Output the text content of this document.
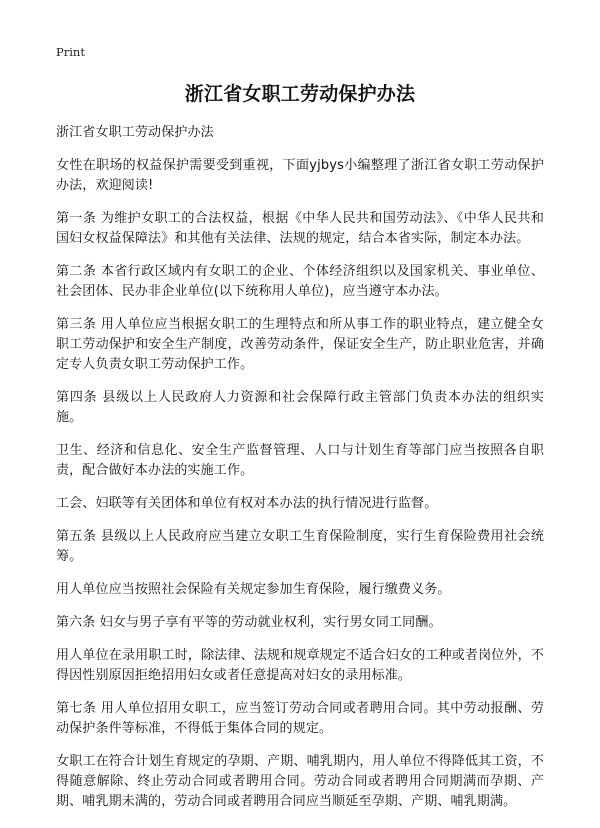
Print

浙江省女职工劳动保护办法

浙江省女职工劳动保护办法

女性在职场的权益保护需要受到重视，下面yjbys小编整理了浙江省女职工劳动保护办法，欢迎阅读!

第一条 为维护女职工的合法权益，根据《中华人民共和国劳动法》、《中华人民共和国妇女权益保障法》和其他有关法律、法规的规定，结合本省实际，制定本办法。

第二条 本省行政区域内有女职工的企业、个体经济组织以及国家机关、事业单位、社会团体、民办非企业单位(以下统称用人单位)，应当遵守本办法。

第三条 用人单位应当根据女职工的生理特点和所从事工作的职业特点，建立健全女职工劳动保护和安全生产制度，改善劳动条件，保证安全生产，防止职业危害，并确定专人负责女职工劳动保护工作。

第四条 县级以上人民政府人力资源和社会保障行政主管部门负责本办法的组织实施。

卫生、经济和信息化、安全生产监督管理、人口与计划生育等部门应当按照各自职责，配合做好本办法的实施工作。

工会、妇联等有关团体和单位有权对本办法的执行情况进行监督。

第五条 县级以上人民政府应当建立女职工生育保险制度，实行生育保险费用社会统筹。

用人单位应当按照社会保险有关规定参加生育保险，履行缴费义务。

第六条 妇女与男子享有平等的劳动就业权利，实行男女同工同酬。

用人单位在录用职工时，除法律、法规和规章规定不适合妇女的工种或者岗位外，不得因性别原因拒绝招用妇女或者任意提高对妇女的录用标准。

第七条 用人单位招用女职工，应当签订劳动合同或者聘用合同。其中劳动报酬、劳动保护条件等标准，不得低于集体合同的规定。

女职工在符合计划生育规定的孕期、产期、哺乳期内，用人单位不得降低其工资，不得随意解除、终止劳动合同或者聘用合同。劳动合同或者聘用合同期满而孕期、产期、哺乳期未满的，劳动合同或者聘用合同应当顺延至孕期、产期、哺乳期满。
